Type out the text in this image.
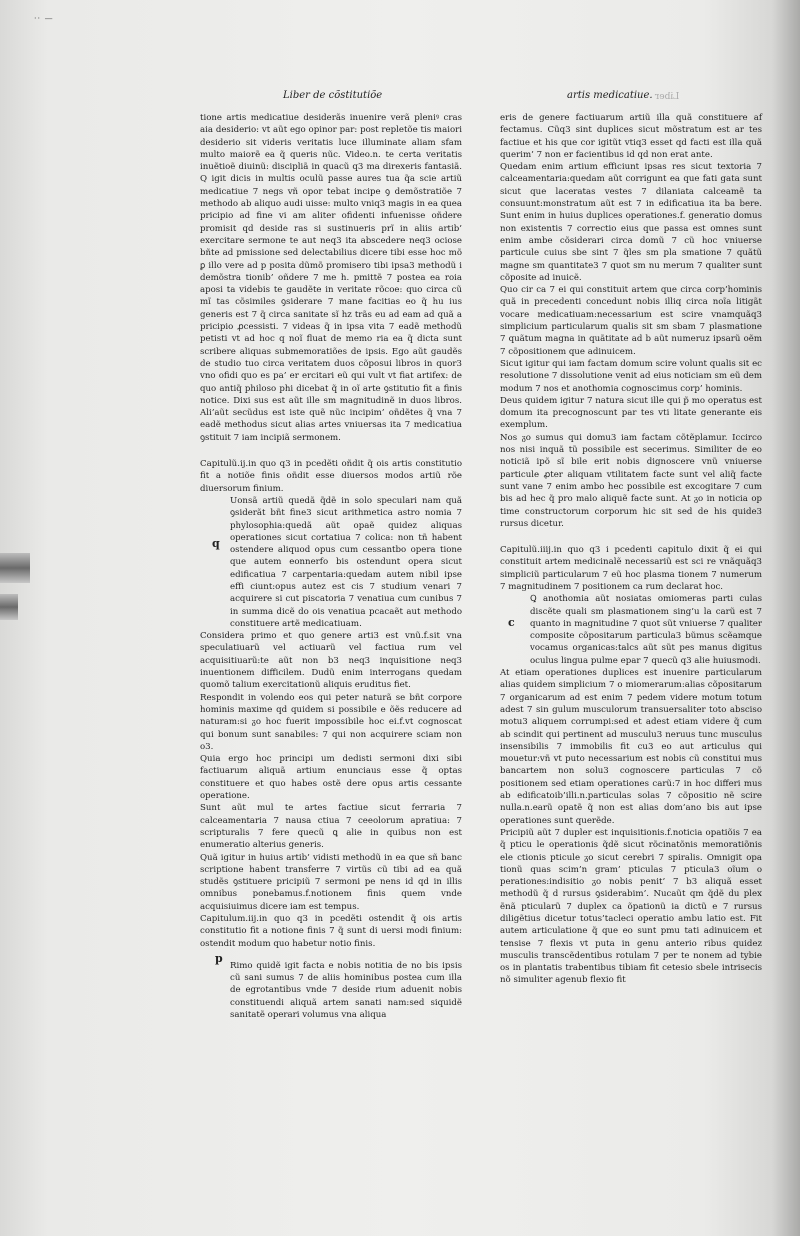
·· —
Liber de cõstitutiõe	artis medicatiue. Liber
q
p
c

tione artis medicatiue desiderãs inuenire verã pleniꝰ cras aia desiderio: vt aũt ego opinor par: post repletõe tis maiori desiderio sit videris veritatis luce illuminate aliam sfam multo maiorẽ ea q̃ queris nũc. Video.n. te certa veritatis inuẽtioẽ diuinũ: discipliã in quacũ q3 ma direxeris fantasiã. Q igit dicis in multis oculũ passe aures tua q̃a scie artiũ medicatiue 7 negs vñ opor tebat incipe ꝯ demõstratiõe 7 methodo ab aliquo audi uisse: multo vniq3 magis in ea quea pricipio ad fine vi am aliter ofidenti infuenisse oñdere promisit qd deside ras si sustinueris prĩ in aliis artib’ exercitare sermone te aut neq3 ita abscedere neq3 ociose bñte ad pmissione sed delectabilius dicere tibi esse hoc mõ ꝑ illo vere ad p posita dũmõ promisero tibi ipsa3 methodũ i demõstra tionib’ oñdere 7 me h. pmittẽ 7 postea ea roia aposi ta videbis te gaudẽte in veritate rõcoe: quo circa cũ mĩ tas cõsimiles ꝯsiderare 7 mane facitias eo q̃ hu ius generis est 7 q̃ circa sanitate sĩ hz trãs eu ad eam ad quã a pricipio ꝓcessisti. 7 videas q̃ in ipsa vita 7 eadẽ methodũ petisti vt ad hoc q noĩ fluat de memo ria ea q̃ dicta sunt scribere aliquas submemoratiões de ipsis. Ego aũt gaudẽs de studio tuo circa veritatem duos cõposui libros in quor3 vno ofidi quo es pa’ er ercitari eũ qui vult vt fiat artifex: de quo antiq̃ philoso phi dicebat q̃ in oĩ arte ꝯstitutio fit a finis notice. Dixi sus est aũt ille sm magnitudinẽ in duos libros. Ali’aũt secũdus est iste quẽ nũc incipim’ oñdẽtes q̃ vna 7 eadẽ methodus sicut alias artes vniuersas ita 7 medicatiua ꝯstituit 7 iam incipiã sermonem.

Capitulũ.ij.in quo q3 in pcedẽti oñdit q̃ ois artis constitutio fit a notiõe finis oñdit esse diuersos modos artiũ rõe diuersorum finium.

Uonsã artiũ quedã q̃dẽ in solo speculari nam quã ꝯsiderãt bñt fine3 sicut arithmetica astro nomia 7 phylosophia:quedã aũt opaẽ quidez aliquas operationes sicut cortatiua 7 colica: non tñ habent ostendere aliquod opus cum cessantbo opera tione que autem eonnerfo bis ostendunt opera sicut edificatiua 7 carpentaria:quedam autem nibil ipse effi ciunt:opus autez est cis 7 studium venari 7 acquirere si cut piscatoria 7 venatiua cum cunibus 7 in summa dicẽ do ois venatiua pcacaẽt aut methodo constituere artẽ medicatiuam.

Considera primo et quo genere arti3 est vnũ.f.sit vna speculatiuarũ vel actiuarũ vel factiua rum vel acquisitiuarũ:te aũt non b3 neq3 inquisitione neq3 inuentionem difficilem. Dudũ enim interrogans quedam quomõ talium exercitationũ aliquis eruditus fiet.

Respondit in volendo eos qui peter naturã se bñt corpore hominis maxime qd quidem si possibile e õẽs reducere ad naturam:si ᵹo hoc fuerit impossibile hoc ei.f.vt cognoscat qui bonum sunt sanabiles: 7 qui non acquirere sciam non o3.

Quia ergo hoc principi um dedisti sermoni dixi sibi factiuarum aliquã artium enunciaus esse q̃ optas constituere et quo habes ostẽ dere opus artis cessante operatione.

Sunt aũt mul te artes factiue sicut ferraria 7 calceamentaria 7 nausa ctiua 7 ceeolorum apratiua: 7 scripturalis 7 fere quecũ ꝗ alie in quibus non est enumeratio alterius generis.

Quã igitur in huius artib’ vidisti methodũ in ea que sñ banc scriptione habent transferre 7 virtũs cũ tibi ad ea quã studẽs ꝯstituere pricipiũ 7 sermoni pe nens id qd in illis omnibus ponebamus.f.notionem finis quem vnde acquisiuimus dicere iam est tempus.

Capitulum.iij.in quo q3 in pcedẽti ostendit q̃ ois artis constitutio fit a notione finis 7 q̃ sunt di uersi modi finium: ostendit modum quo habetur notio finis.

Rimo quidẽ igit facta e nobis notitia de no bis ipsis cũ sani sumus 7 de aliis hominibus postea cum illa de egrotantibus vnde 7 deside rium aduenit nobis constituendi aliquã artem sanati nam:sed siquidẽ sanitatẽ operari volumus vna aliqua

eris de genere factiuarum artiũ illa quã constituere af fectamus. Cũq3 sint duplices sicut mõstratum est ar tes factiue et his que cor igitũt vtiq3 esset qd facti est illa quã querim’ 7 non er facientibus id qd non erat ante.

Quedam enim artium efficiunt ipsas res sicut textoria 7 calceamentaria:quedam aũt corrigunt ea que fati gata sunt sicut que laceratas vestes 7 dilaniata calceamẽ ta consuunt:monstratum aũt est 7 in edificatiua ita ba bere. Sunt enim in huius duplices operationes.f. generatio domus non existentis 7 correctio eius que passa est omnes sunt enim ambe cõsiderari circa domũ 7 cũ hoc vniuerse particule cuius sbe sint 7 q̃les sm pla smatione 7 quãtũ magne sm quantitate3 7 quot sm nu merum 7 qualiter sunt cõposite ad inuicẽ.

Quo cir ca 7 ei qui constituit artem que circa corp’hominis quã in precedenti concedunt nobis illiq circa noĩa litigãt vocare medicatiuam:necessarium est scire vnamquãq3 simplicium particularum qualis sit sm sbam 7 plasmatione 7 quãtum magna in quãtitate ad b aũt numeruz ipsarũ oẽm 7 cõpositionem que adinuicem.

Sicut igitur qui iam factam domum scire volunt qualis sit ec resolutione 7 dissolutione venit ad eius noticiam sm eũ dem modum 7 nos et anothomia cognoscimus corp’ hominis.

Deus quidem igitur 7 natura sicut ille qui p̃ mo operatus est domum ita precognoscunt par tes vti litate generante eis exemplum.

Nos ᵹo sumus qui domu3 iam factam cõtẽplamur. Iccirco nos nisi inquã tũ possibile est secerimus. Similiter de eo noticiã ipõ sĩ bile erit nobis dignoscere vnũ vniuerse particule ꝓter aliquam vtilitatem facte sunt vel aliq̃ facte sunt vane 7 enim ambo hec possibile est excogitare 7 cum bis ad hec q̃ pro malo aliquẽ facte sunt. At ᵹo in noticia op time constructorum corporum hic sit sed de his quide3 rursus dicetur.

Capitulũ.iiij.in quo q3 i pcedenti capitulo dixit q̃ ei qui constituit artem medicinalẽ necessariũ est sci re vnãquãq3 simpliciũ particularum 7 eũ hoc plasma tionem 7 numerum 7 magnitudinem 7 positionem ca rum declarat hoc.

Ꝗ anothomia aũt nosiatas omiomeras parti culas discẽte quali sm plasmationem sing’u la carũ est 7 quanto in magnitudine 7 quot sũt vniuerse 7 qualiter composite cõpositarum particula3 bũmus scẽamque vocamus organicas:talcs aũt sũt pes manus digitus oculus lingua pulme epar 7 quecũ q3 alie huiusmodi.

At etiam operationes duplices est inuenire particularum alias quidem simplicium 7 o miomerarum:alias cõpositarum 7 organicarum ad est enim 7 pedem videre motum totum adest 7 sin gulum musculorum transuersaliter toto absciso motu3 aliquem corrumpi:sed et adest etiam videre q̃ cum ab scindit qui pertinent ad musculu3 neruus tunc musculus insensibilis 7 immobilis fit cu3 eo aut articulus qui mouetur:vñ vt puto necessarium est nobis cũ constitui mus bancartem non solu3 cognoscere particulas 7 cõ positionem sed etiam operationes carũ:7 in hoc differi mus ab edificatoib’illi.n.particulas solas 7 cõpositio nẽ scire nulla.n.earũ opatẽ q̃ non est alias dom’ano bis aut ipse operationes sunt querẽde.

Pricipiũ aũt 7 dupler est inquisitionis.f.noticia opatiõis 7 ea q̃ pticu le operationis q̃dẽ sicut rõcinatõnis memoratiõnis ele ctionis pticule ᵹo sicut cerebri 7 spiralis. Omnigit opa tionũ quas scim’n gram’ pticulas 7 pticula3 oĩum o perationes:indisitio ᵹo nobis penit’ 7 b3 aliquã esset methodũ q̃ d rursus ꝯsiderabim’. Nucaũt qm q̃dẽ du plex ẽnã pticularũ 7 duplex ca õpationũ ia dictũ e 7 rursus diligẽtius dicetur totus’tacleci operatio ambu latio est. Fit autem articulatione q̃ que eo sunt pmu tati adinuicem et tensise 7 flexis vt puta in genu anterio ribus quidez musculis transcẽdentibus rotulam 7 per te nonem ad tybie os in plantatis trabentibus tibiam fit cetesio sbele intrisecis nõ simuliter agenub flexio fit
